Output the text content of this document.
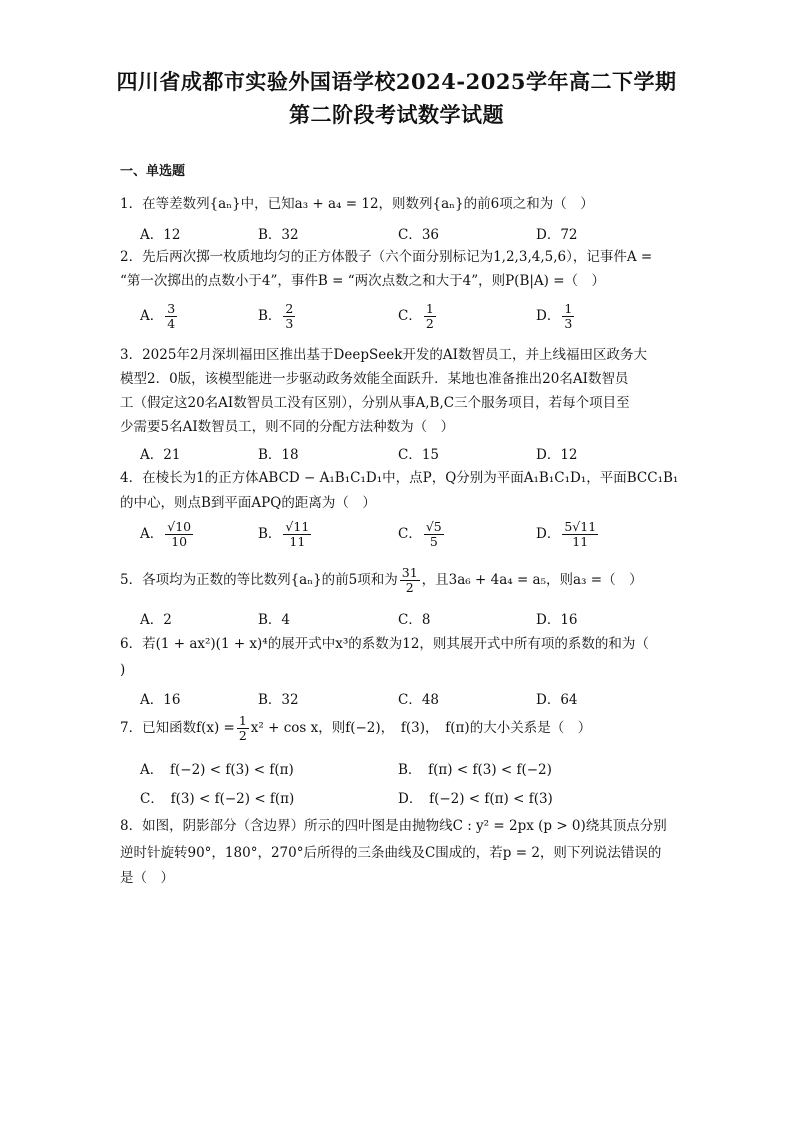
四川省成都市实验外国语学校2024-2025学年高二下学期
第二阶段考试数学试题
一、单选题
1．在等差数列{aₙ}中，已知a₃ + a₄ = 12，则数列{aₙ}的前6项之和为（　）
A．12	B．32	C．36	D．72
2．先后两次掷一枚质地均匀的正方体骰子（六个面分别标记为1,2,3,4,5,6），记事件A =
“第一次掷出的点数小于4”，事件B = “两次点数之和大于4”，则P(B|A) =（　）
A． $\frac{3}{4}$	B． $\frac{2}{3}$	C． $\frac{1}{2}$	D． $\frac{1}{3}$
3．2025年2月深圳福田区推出基于DeepSeek开发的AI数智员工，并上线福田区政务大
模型2．0版，该模型能进一步驱动政务效能全面跃升．某地也准备推出20名AI数智员
工（假定这20名AI数智员工没有区别），分别从事A,B,C三个服务项目，若每个项目至
少需要5名AI数智员工，则不同的分配方法种数为（　）
A．21	B．18	C．15	D．12
4．在棱长为1的正方体ABCD − A₁B₁C₁D₁中，点P，Q分别为平面A₁B₁C₁D₁，平面BCC₁B₁
的中心，则点B到平面APQ的距离为（　）
A． $\frac{√10}{10}$	B． $\frac{√11}{11}$	C． $\frac{√5}{5}$	D． $\frac{5√11}{11}$
5．各项均为正数的等比数列{aₙ}的前5项和为 $\frac{31}{2}$ ，且3a₆ + 4a₄ = a₅，则a₃ =（　）
A．2	B．4	C．8	D．16
6．若(1 + ax²)(1 + x)⁴的展开式中x³的系数为12，则其展开式中所有项的系数的和为（
)
A．16	B．32	C．48	D．64
7．已知函数$f(x) = \frac{1}{2} x^2 + \cos x$，则f(−2)，　f(3)，　f(π)的大小关系是（　）
A．　f(−2) < f(3) < f(π)	B．　f(π) < f(3) < f(−2)
C．　f(3) < f(−2) < f(π)	D．　f(−2) < f(π) < f(3)
8．如图，阴影部分（含边界）所示的四叶图是由抛物线C : y² = 2px (p > 0)绕其顶点分别
逆时针旋转90°，180°，270°后所得的三条曲线及C围成的，若p = 2，则下列说法错误的
是（　）
